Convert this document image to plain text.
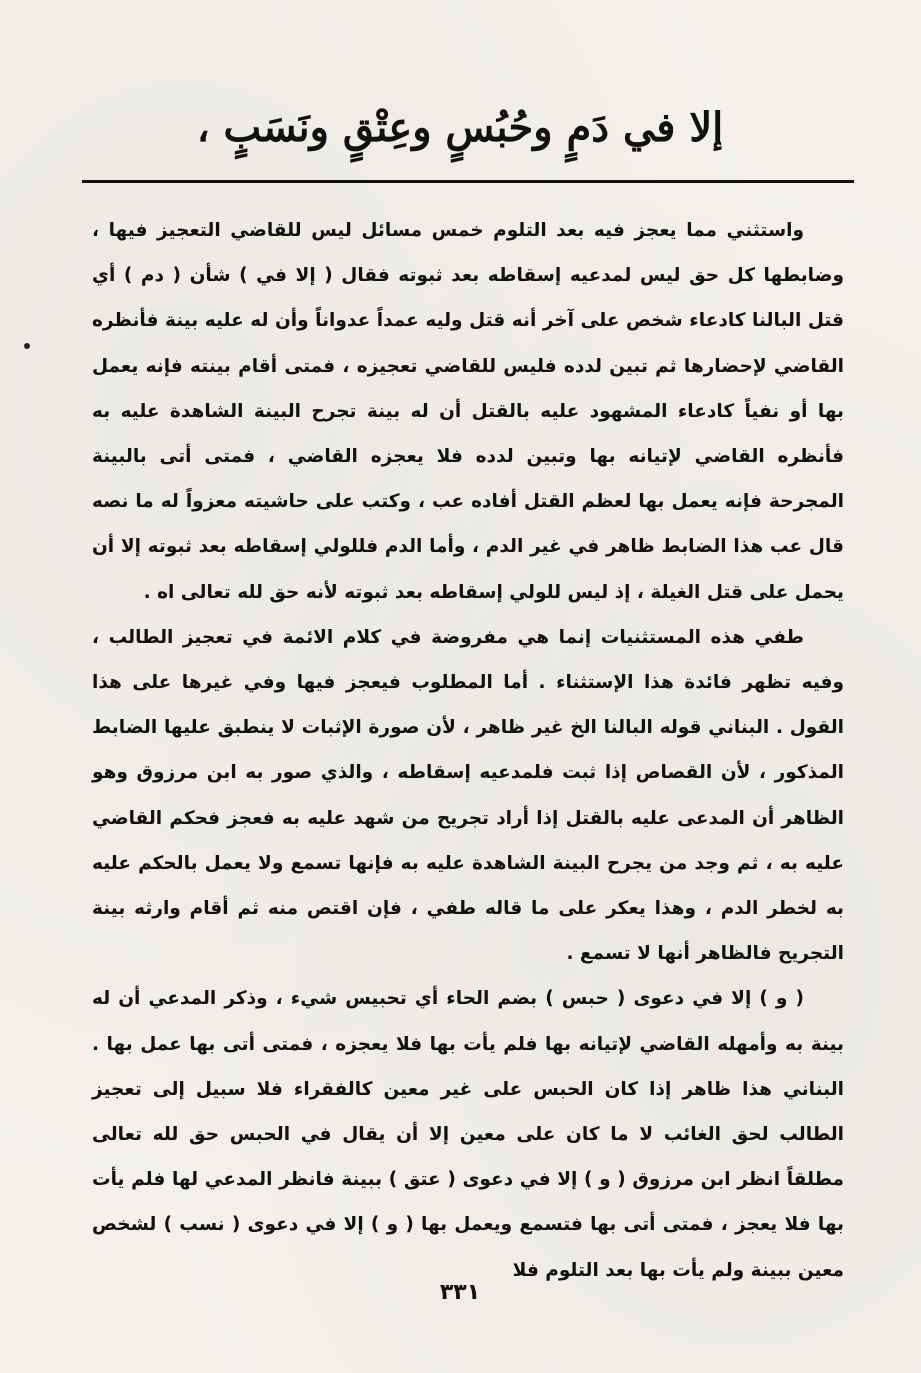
إلا في دَمٍ وحُبُسٍ وعِتْقٍ ونَسَبٍ ،

واستثني مما يعجز فيه بعد التلوم خمس مسائل ليس للقاضي التعجيز فيها ، وضابطها كل حق ليس لمدعيه إسقاطه بعد ثبوته فقال ( إلا في ) شأن ( دم ) أي قتل البالنا كادعاء شخص على آخر أنه قتل وليه عمداً عدواناً وأن له عليه بينة فأنظره القاضي لإحضارها ثم تبين لدده فليس للقاضي تعجيزه ، فمتى أقام بينته فإنه يعمل بها أو نفياً كادعاء المشهود عليه بالقتل أن له بينة تجرح البينة الشاهدة عليه به فأنظره القاضي لإتيانه بها وتبين لدده فلا يعجزه القاضي ، فمتى أتى بالبينة المجرحة فإنه يعمل بها لعظم القتل أفاده عب ، وكتب على حاشيته معزواً له ما نصه قال عب هذا الضابط ظاهر في غير الدم ، وأما الدم فللولي إسقاطه بعد ثبوته إلا أن يحمل على قتل الغيلة ، إذ ليس للولي إسقاطه بعد ثبوته لأنه حق لله تعالى اه .

طفي هذه المستثنيات إنما هي مفروضة في كلام الائمة في تعجيز الطالب ، وفيه تظهر فائدة هذا الإستثناء . أما المطلوب فيعجز فيها وفي غيرها على هذا القول . البناني قوله البالنا الخ غير ظاهر ، لأن صورة الإثبات لا ينطبق عليها الضابط المذكور ، لأن القصاص إذا ثبت فلمدعيه إسقاطه ، والذي صور به ابن مرزوق وهو الظاهر أن المدعى عليه بالقتل إذا أراد تجريح من شهد عليه به فعجز فحكم القاضي عليه به ، ثم وجد من يجرح البينة الشاهدة عليه به فإنها تسمع ولا يعمل بالحكم عليه به لخطر الدم ، وهذا يعكر على ما قاله طفي ، فإن اقتص منه ثم أقام وارثه بينة التجريح فالظاهر أنها لا تسمع .

( و ) إلا في دعوى ( حبس ) بضم الحاء أي تحبيس شيء ، وذكر المدعي أن له بينة به وأمهله القاضي لإتيانه بها فلم يأت بها فلا يعجزه ، فمتى أتى بها عمل بها . البناني هذا ظاهر إذا كان الحبس على غير معين كالفقراء فلا سبيل إلى تعجيز الطالب لحق الغائب لا ما كان على معين إلا أن يقال في الحبس حق لله تعالى مطلقاً انظر ابن مرزوق ( و ) إلا في دعوى ( عتق ) ببينة فانظر المدعي لها فلم يأت بها فلا يعجز ، فمتى أتى بها فتسمع ويعمل بها ( و ) إلا في دعوى ( نسب ) لشخص معين ببينة ولم يأت بها بعد التلوم فلا

٣٣١
